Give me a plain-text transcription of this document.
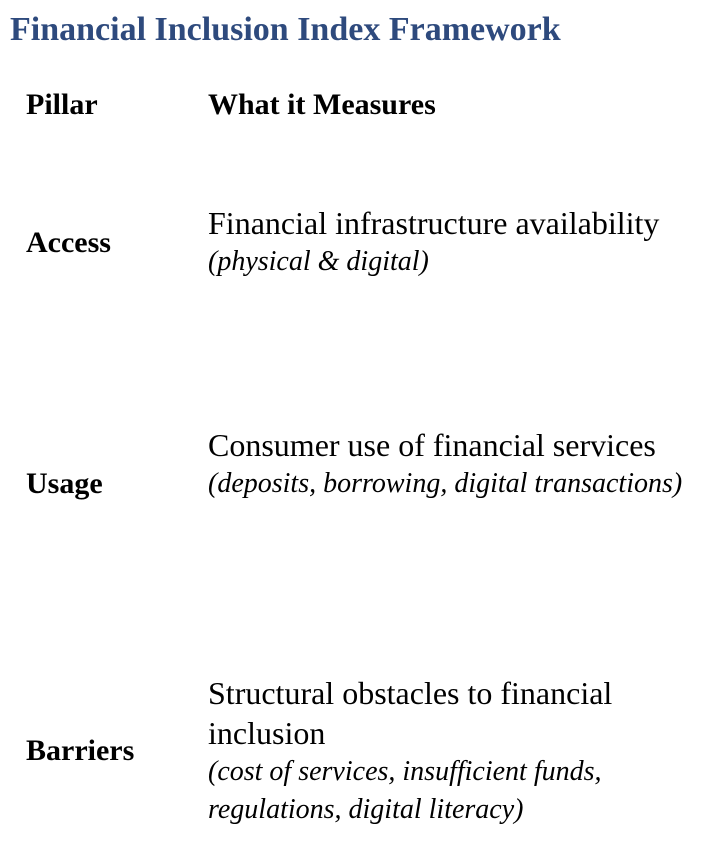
Financial Inclusion Index Framework
Pillar	What it Measures
Access
Financial infrastructure availability
(physical & digital)
Usage
Consumer use of financial services
(deposits, borrowing, digital transactions)
Barriers
Structural obstacles to financial inclusion
(cost of services, insufficient funds, regulations, digital literacy)
